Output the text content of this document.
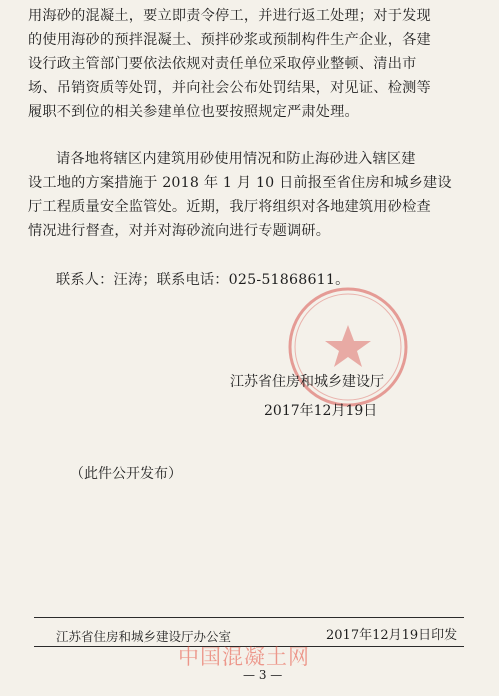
用海砂的混凝土，要立即责令停工，并进行返工处理；对于发现
的使用海砂的预拌混凝土、预拌砂浆或预制构件生产企业，各建
设行政主管部门要依法依规对责任单位采取停业整顿、清出市
场、吊销资质等处罚，并向社会公布处罚结果，对见证、检测等
履职不到位的相关参建单位也要按照规定严肃处理。
请各地将辖区内建筑用砂使用情况和防止海砂进入辖区建
设工地的方案措施于 2018 年 1 月 10 日前报至省住房和城乡建设
厅工程质量安全监管处。近期，我厅将组织对各地建筑用砂检查
情况进行督查，对并对海砂流向进行专题调研。
联系人：汪涛；联系电话：025-51868611。
江苏省住房和城乡建设厅
2017年12月19日
（此件公开发布）
江苏省住房和城乡建设厅办公室	2017年12月19日印发
中国混凝土网
— 3 —
